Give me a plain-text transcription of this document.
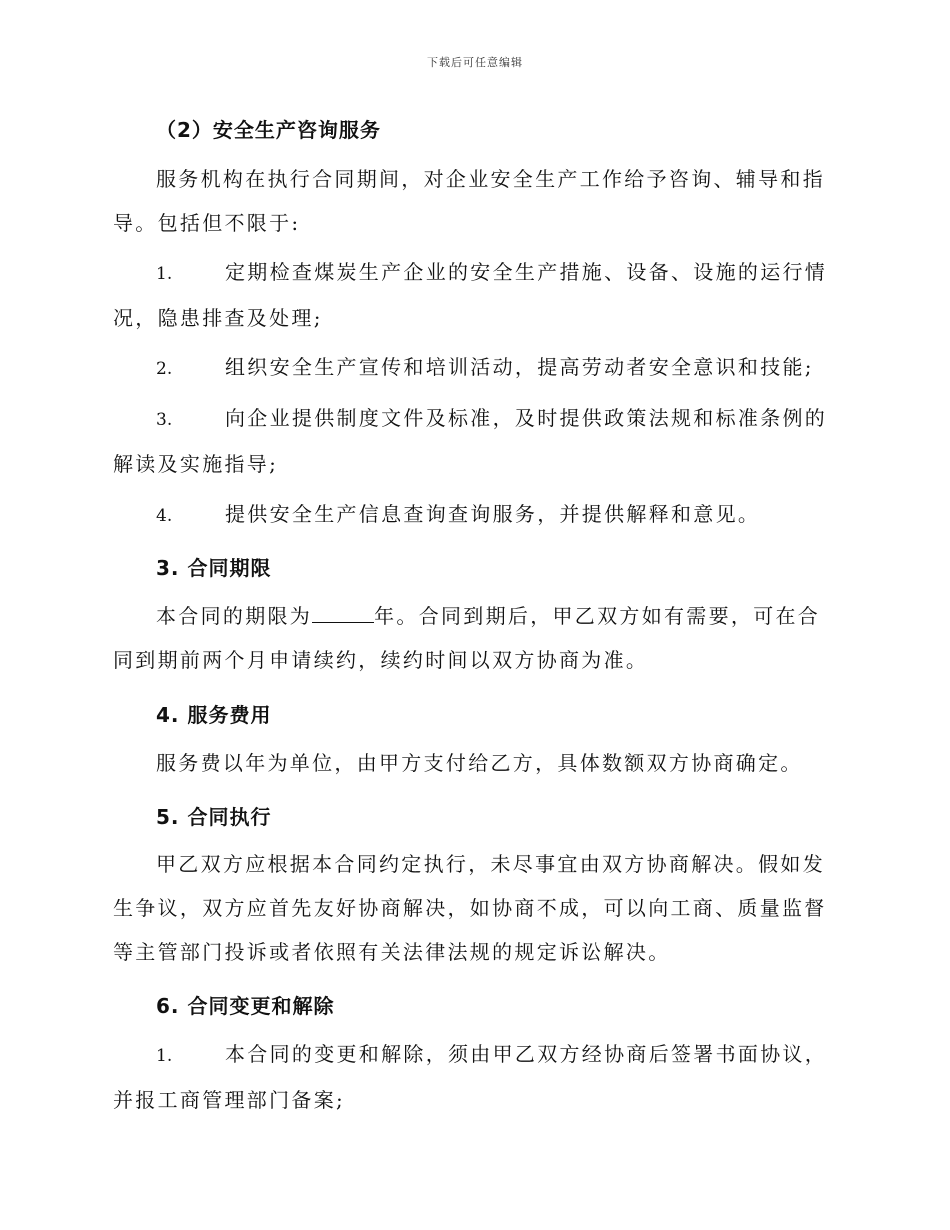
下载后可任意编辑
（2）安全生产咨询服务
服务机构在执行合同期间，对企业安全生产工作给予咨询、辅导和指导。包括但不限于:
1.	定期检查煤炭生产企业的安全生产措施、设备、设施的运行情况，隐患排查及处理;
2.	组织安全生产宣传和培训活动，提高劳动者安全意识和技能;
3.	向企业提供制度文件及标准，及时提供政策法规和标准条例的解读及实施指导;
4.	提供安全生产信息查询查询服务，并提供解释和意见。
3. 合同期限
本合同的期限为	年。合同到期后，甲乙双方如有需要，可在合同到期前两个月申请续约，续约时间以双方协商为准。
4. 服务费用
服务费以年为单位，由甲方支付给乙方，具体数额双方协商确定。
5. 合同执行
甲乙双方应根据本合同约定执行，未尽事宜由双方协商解决。假如发生争议，双方应首先友好协商解决，如协商不成，可以向工商、质量监督等主管部门投诉或者依照有关法律法规的规定诉讼解决。
6. 合同变更和解除
1.	本合同的变更和解除，须由甲乙双方经协商后签署书面协议，并报工商管理部门备案;
